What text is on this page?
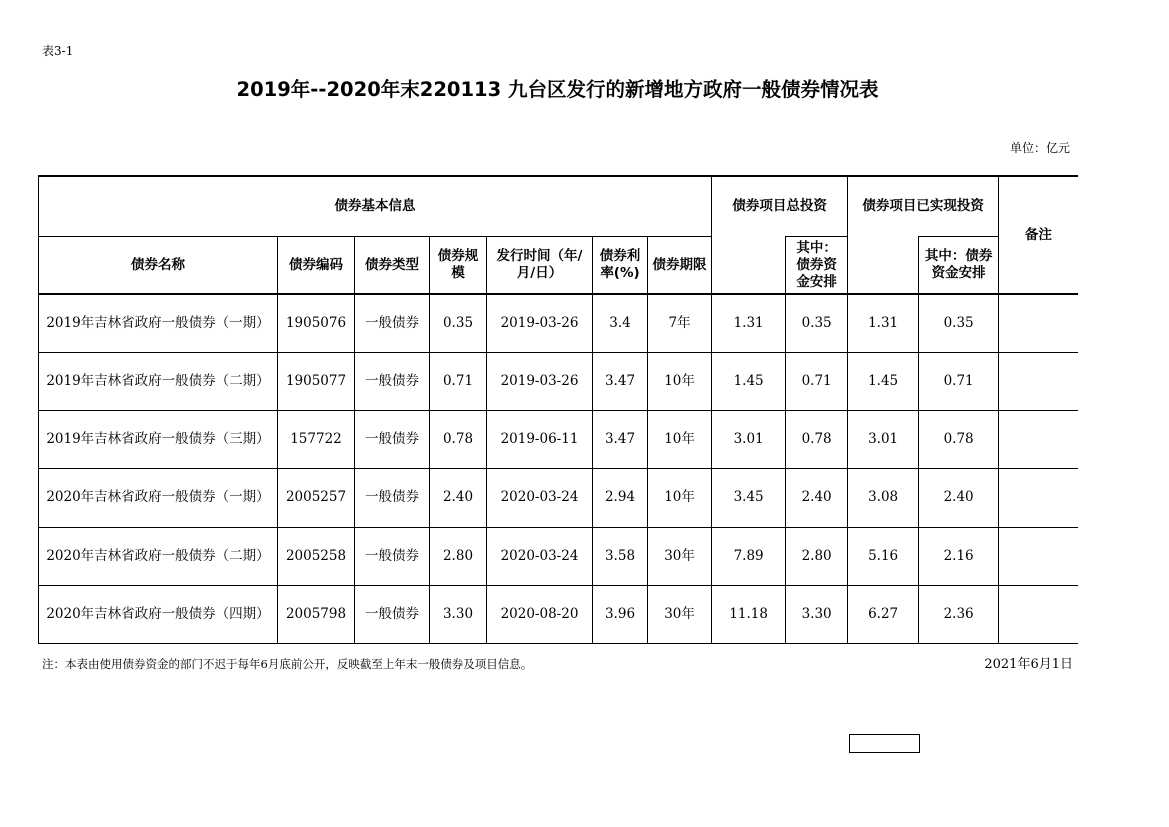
表3-1
2019年--2020年末220113 九台区发行的新增地方政府一般债券情况表
单位：亿元
债券基本信息							债券项目总投资		债券项目已实现投资		备注
债券名称	债券编码	债券类型	债券规模	发行时间（年/月/日）	债券利率(%)	债券期限		其中：债券资金安排		其中：债券资金安排	
2019年吉林省政府一般债券（一期）	1905076	一般债券	0.35	2019-03-26	3.4	7年	1.31	0.35	1.31	0.35	
2019年吉林省政府一般债券（二期）	1905077	一般债券	0.71	2019-03-26	3.47	10年	1.45	0.71	1.45	0.71	
2019年吉林省政府一般债券（三期）	157722	一般债券	0.78	2019-06-11	3.47	10年	3.01	0.78	3.01	0.78	
2020年吉林省政府一般债券（一期）	2005257	一般债券	2.40	2020-03-24	2.94	10年	3.45	2.40	3.08	2.40	
2020年吉林省政府一般债券（二期）	2005258	一般债券	2.80	2020-03-24	3.58	30年	7.89	2.80	5.16	2.16	
2020年吉林省政府一般债券（四期）	2005798	一般债券	3.30	2020-08-20	3.96	30年	11.18	3.30	6.27	2.36	
注：本表由使用债券资金的部门不迟于每年6月底前公开，反映截至上年末一般债券及项目信息。	2021年6月1日
